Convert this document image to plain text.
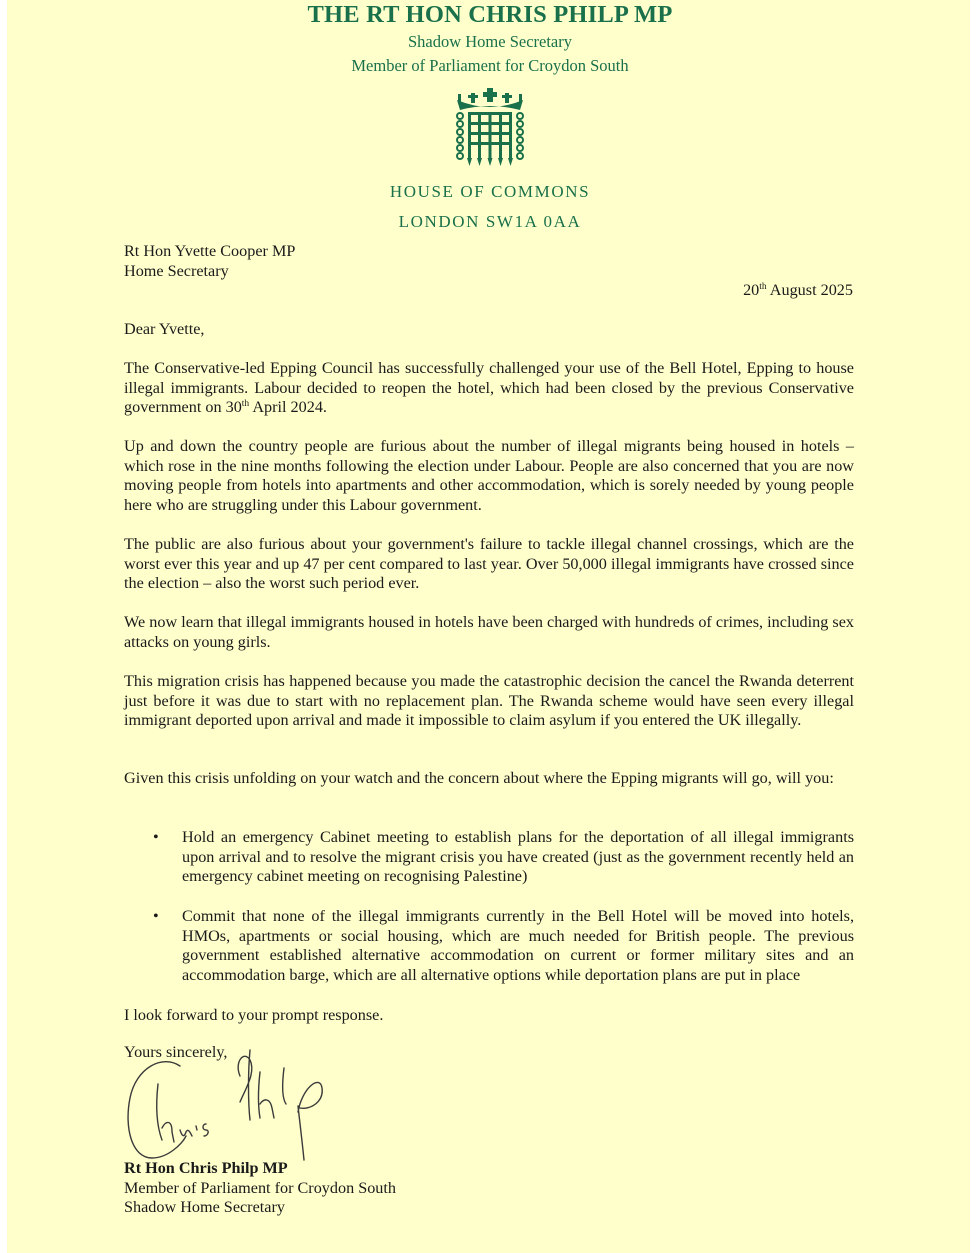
THE RT HON CHRIS PHILP MP

Shadow Home Secretary

Member of Parliament for Croydon South

HOUSE OF COMMONS

LONDON SW1A 0AA

Rt Hon Yvette Cooper MP
Home Secretary
20th August 2025
Dear Yvette,
The Conservative-led Epping Council has successfully challenged your use of the Bell Hotel, Epping to house illegal immigrants. Labour decided to reopen the hotel, which had been closed by the previous Conservative government on 30th April 2024.
Up and down the country people are furious about the number of illegal migrants being housed in hotels – which rose in the nine months following the election under Labour. People are also concerned that you are now moving people from hotels into apartments and other accommodation, which is sorely needed by young people here who are struggling under this Labour government.
The public are also furious about your government's failure to tackle illegal channel crossings, which are the worst ever this year and up 47 per cent compared to last year. Over 50,000 illegal immigrants have crossed since the election – also the worst such period ever.
We now learn that illegal immigrants housed in hotels have been charged with hundreds of crimes, including sex attacks on young girls.
This migration crisis has happened because you made the catastrophic decision the cancel the Rwanda deterrent just before it was due to start with no replacement plan. The Rwanda scheme would have seen every illegal immigrant deported upon arrival and made it impossible to claim asylum if you entered the UK illegally.
Given this crisis unfolding on your watch and the concern about where the Epping migrants will go, will you:
• Hold an emergency Cabinet meeting to establish plans for the deportation of all illegal immigrants upon arrival and to resolve the migrant crisis you have created (just as the government recently held an emergency cabinet meeting on recognising Palestine)
• Commit that none of the illegal immigrants currently in the Bell Hotel will be moved into hotels, HMOs, apartments or social housing, which are much needed for British people. The previous government established alternative accommodation on current or former military sites and an accommodation barge, which are all alternative options while deportation plans are put in place
I look forward to your prompt response.
Yours sincerely,
Rt Hon Chris Philp MP
Member of Parliament for Croydon South
Shadow Home Secretary
